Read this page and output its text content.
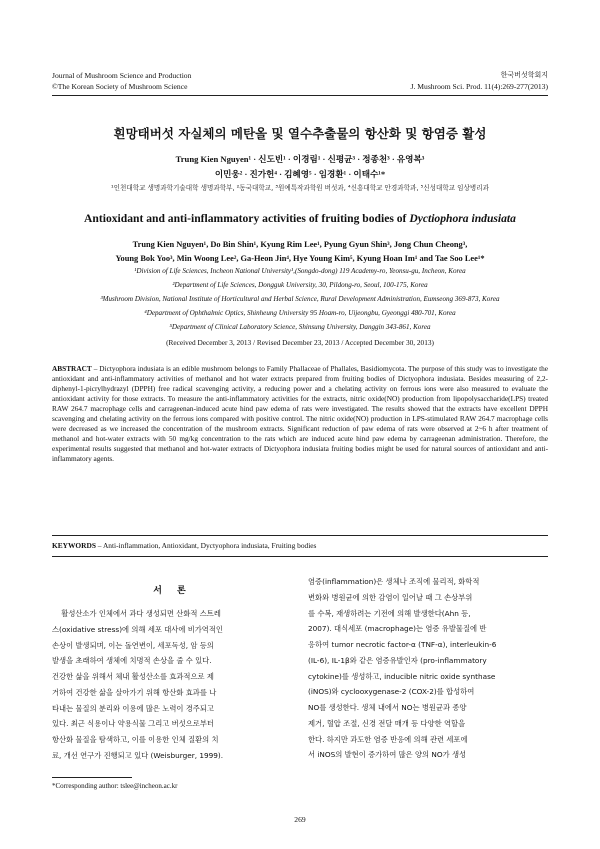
Journal of Mushroom Science and Production
©The Korean Society of Mushroom Science
한국버섯학회지
J. Mushroom Sci. Prod. 11(4):269-277(2013)
흰망태버섯 자실체의 메탄올 및 열수추출물의 항산화 및 항염증 활성
Trung Kien Nguyen¹ · 신도빈¹ · 이경림¹ · 신평균³ · 정종천³ · 유영복³
이민웅² · 진가헌⁴ · 김혜영⁵ · 임경환¹ · 이태수¹*
¹인천대학교 생명과학기술대학 생명과학부, ²동국대학교, ³원예특작과학원 버섯과, ⁴신흥대학교 안경과학과, ⁵신성대학교 임상병리과
Antioxidant and anti-inflammatory activities of fruiting bodies of Dyctiophora indusiata
Trung Kien Nguyen¹, Do Bin Shin¹, Kyung Rim Lee¹, Pyung Gyun Shin³, Jong Chun Cheong³,
Young Bok Yoo³, Min Woong Lee², Ga-Heon Jin⁴, Hye Young Kim⁵, Kyung Hoan Im¹ and Tae Soo Lee¹*
¹Division of Life Sciences, Incheon National University¹,(Songdo-dong) 119 Academy-ro, Yeonsu-gu, Incheon, Korea
²Department of Life Sciences, Dongguk University, 30, Pildong-ro, Seoul, 100-175, Korea
³Mushroom Division, National Institute of Horticultural and Herbal Science, Rural Development Administration, Eumseong 369-873, Korea
⁴Department of Ophthalmic Optics, Shinheung University 95 Hoam-ro, Uijeongbu, Gyeonggi 480-701, Korea
⁵Department of Clinical Laboratory Science, Shinsung University, Danggin 343-861, Korea
(Received December 3, 2013 / Revised December 23, 2013 / Accepted December 30, 2013)
ABSTRACT – Dictyophora indusiata is an edible mushroom belongs to Family Phallaceae of Phallales, Basidiomycota. The purpose of this study was to investigate the antioxidant and anti-inflammatory activities of methanol and hot water extracts prepared from fruiting bodies of Dictyophora indusiata. Besides measuring of 2,2-diphenyl-1-picrylhydrazyl (DPPH) free radical scavenging activity, a reducing power and a chelating activity on ferrous ions were also measured to evaluate the antioxidant activity for those extracts. To measure the anti-inflammatory activities for the extracts, nitric oxide(NO) production from lipopolysaccharide(LPS) treated RAW 264.7 macrophage cells and carrageenan-induced acute hind paw edema of rats were investigated. The results showed that the extracts have excellent DPPH scavenging and chelating activity on the ferrous ions compared with positive control. The nitric oxide(NO) production in LPS-stimulated RAW 264.7 macrophage cells were decreased as we increased the concentration of the mushroom extracts. Significant reduction of paw edema of rats were observed at 2~6 h after treatment of methanol and hot-water extracts with 50 mg/kg concentration to the rats which are induced acute hind paw edema by carrageenan administration. Therefore, the experimental results suggested that methanol and hot-water extracts of Dictyophora indusiata fruiting bodies might be used for natural sources of antioxidant and anti-inflammatory agents.
KEYWORDS – Anti-inflammation, Antioxidant, Dyctyophora indusiata, Fruiting bodies
서 론
활성산소가 인체에서 과다 생성되면 산화적 스트레
스(oxidative stress)에 의해 세포 대사에 비가역적인
손상이 발생되며, 이는 돌연변이, 세포독성, 암 등의
발생을 초래하여 생체에 치명적 손상을 줄 수 있다.
건강한 삶을 위해서 체내 활성산소를 효과적으로 제
거하여 건강한 삶을 살아가기 위해 항산화 효과를 나
타내는 물질의 분리와 이용에 많은 노력이 경주되고
있다. 최근 식용이나 약용식물 그리고 버섯으로부터
항산화 물질을 탐색하고, 이를 이용한 인체 질환의 치
료, 개선 연구가 진행되고 있다 (Weisburger, 1999).
염증(inflammation)은 생체나 조직에 물리적, 화학적
변화와 병원균에 의한 감염이 일어날 때 그 손상부위
를 수복, 재생하려는 기전에 의해 발생한다(Ahn 등,
2007). 대식세포 (macrophage)는 염증 유발물질에 반
응하여 tumor necrotic factor-α (TNF-α), interleukin-6
(IL-6), IL-1β와 같은 염증유발인자 (pro-inflammatory
cytokine)를 생성하고, inducible nitric oxide synthase
(iNOS)와 cyclooxygenase-2 (COX-2)를 합성하여
NO를 생성한다. 생체 내에서 NO는 병원균과 종양
제거, 혈압 조절, 신경 전달 매개 등 다양한 역할을
한다. 하지만 과도한 염증 반응에 의해 관련 세포에
서 iNOS의 발현이 증가하여 많은 양의 NO가 생성
*Corresponding author: tslee@incheon.ac.kr
269
